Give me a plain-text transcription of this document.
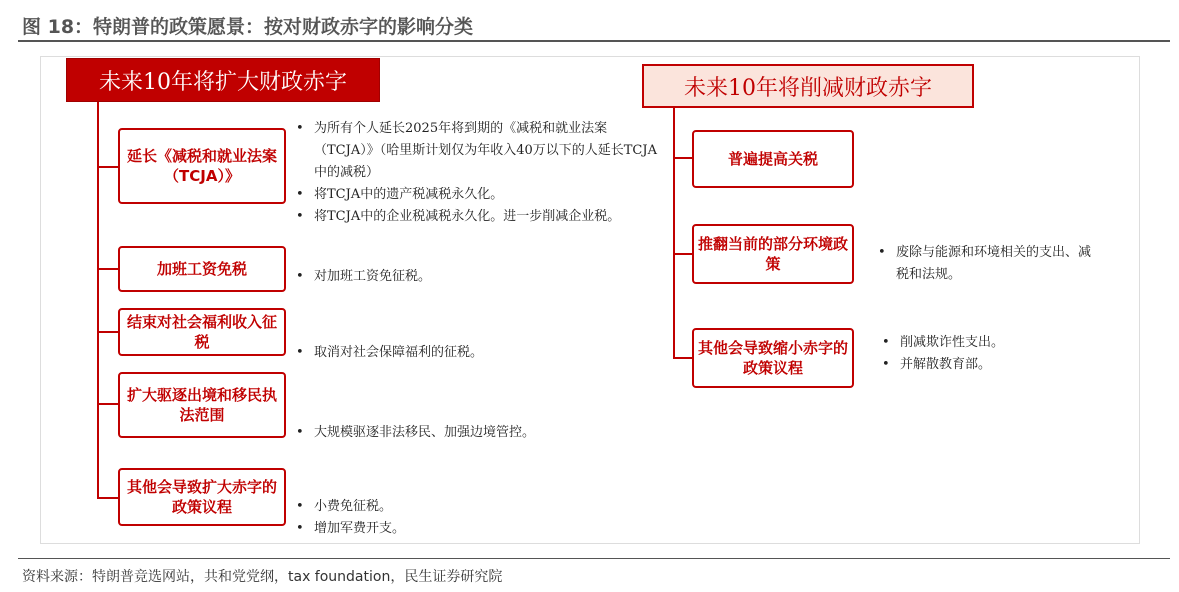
图 18：特朗普的政策愿景：按对财政赤字的影响分类
未来10年将扩大财政赤字
延长《减税和就业法案（TCJA）》
加班工资免税
结束对社会福利收入征税
扩大驱逐出境和移民执法范围
其他会导致扩大赤字的政策议程
• 为所有个人延长2025年将到期的《减税和就业法案（TCJA）》（哈里斯计划仅为年收入40万以下的人延长TCJA中的减税）
• 将TCJA中的遗产税减税永久化。
• 将TCJA中的企业税减税永久化。进一步削减企业税。
• 对加班工资免征税。
• 取消对社会保障福利的征税。
• 大规模驱逐非法移民、加强边境管控。
• 小费免征税。
• 增加军费开支。
未来10年将削减财政赤字
普遍提高关税
推翻当前的部分环境政策
其他会导致缩小赤字的政策议程
• 废除与能源和环境相关的支出、减税和法规。
• 削减欺诈性支出。
• 并解散教育部。
资料来源：特朗普竞选网站，共和党党纲，tax foundation，民生证券研究院
